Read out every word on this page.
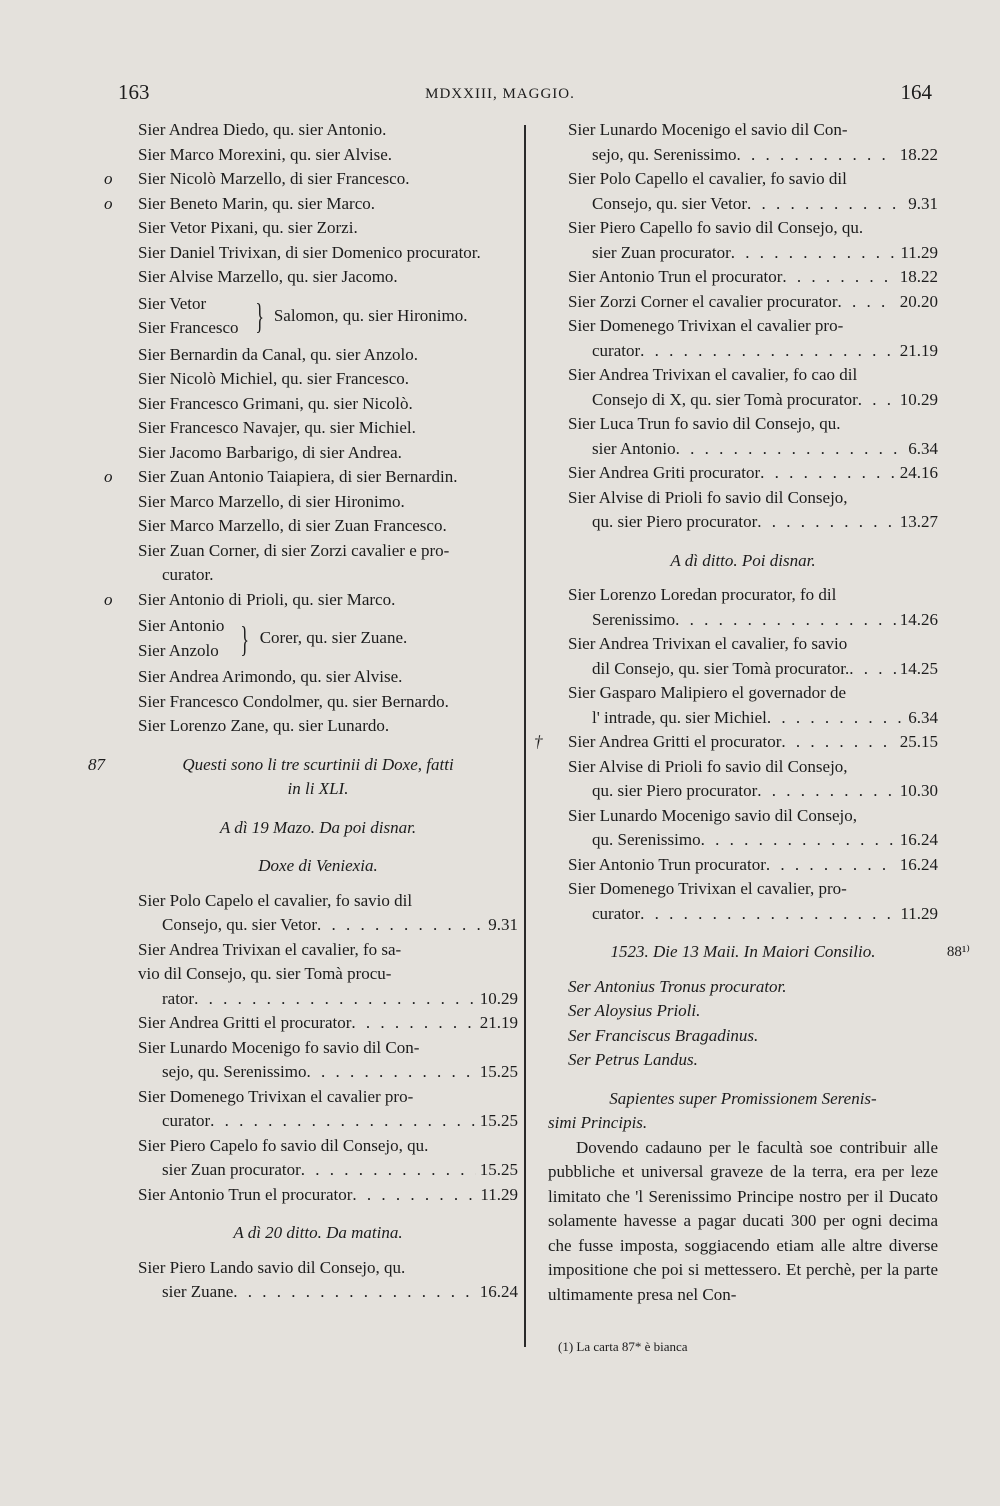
163	MDXXIII, MAGGIO.	164
Sier Andrea Diedo, qu. sier Antonio.
Sier Marco Morexini, qu. sier Alvise.
o Sier Nicolò Marzello, di sier Francesco.
o Sier Beneto Marin, qu. sier Marco.
Sier Vetor Pixani, qu. sier Zorzi.
Sier Daniel Trivixan, di sier Domenico procurator.
Sier Alvise Marzello, qu. sier Jacomo.
Sier Vetor
Sier Francesco } Salomon, qu. sier Hironimo.
Sier Bernardin da Canal, qu. sier Anzolo.
Sier Nicolò Michiel, qu. sier Francesco.
Sier Francesco Grimani, qu. sier Nicolò.
Sier Francesco Navajer, qu. sier Michiel.
Sier Jacomo Barbarigo, di sier Andrea.
o Sier Zuan Antonio Taiapiera, di sier Bernardin.
Sier Marco Marzello, di sier Hironimo.
Sier Marco Marzello, di sier Zuan Francesco.
Sier Zuan Corner, di sier Zorzi cavalier e pro-
curator.
o Sier Antonio di Prioli, qu. sier Marco.
Sier Antonio
Sier Anzolo } Corer, qu. sier Zuane.
Sier Andrea Arimondo, qu. sier Alvise.
Sier Francesco Condolmer, qu. sier Bernardo.
Sier Lorenzo Zane, qu. sier Lunardo.
87	Questi sono li tre scurtinii di Doxe, fatti
in li XLI.
A dì 19 Mazo. Da poi disnar.
Doxe di Veniexia.
Sier Polo Capelo el cavalier, fo savio dil
Consejo, qu. sier Vetor . . .	9.31
Sier Andrea Trivixan el cavalier, fo sa-
vio dil Consejo, qu. sier Tomà procu-
rator . . .	10.29
Sier Andrea Gritti el procurator . . .	21.19
Sier Lunardo Mocenigo fo savio dil Con-
sejo, qu. Serenissimo . . .	15.25
Sier Domenego Trivixan el cavalier pro-
curator . . .	15.25
Sier Piero Capelo fo savio dil Consejo, qu.
sier Zuan procurator . . .	15.25
Sier Antonio Trun el procurator . . .	11.29
A dì 20 ditto. Da matina.
Sier Piero Lando savio dil Consejo, qu.
sier Zuane . . .	16.24
Sier Lunardo Mocenigo el savio dil Con-
sejo, qu. Serenissimo . . .	18.22
Sier Polo Capello el cavalier, fo savio dil
Consejo, qu. sier Vetor . . .	9.31
Sier Piero Capello fo savio dil Consejo, qu.
sier Zuan procurator . . .	11.29
Sier Antonio Trun el procurator . . .	18.22
Sier Zorzi Corner el cavalier procurator . . .	20.20
Sier Domenego Trivixan el cavalier pro-
curator . . .	21.19
Sier Andrea Trivixan el cavalier, fo cao dil
Consejo di X, qu. sier Tomà procurator . . . 10.29
Sier Luca Trun fo savio dil Consejo, qu.
sier Antonio . . .	6.34
Sier Andrea Griti procurator . . .	24.16
Sier Alvise di Prioli fo savio dil Consejo,
qu. sier Piero procurator . . .	13.27
A dì ditto. Poi disnar.
Sier Lorenzo Loredan procurator, fo dil
Serenissimo . . .	14.26
Sier Andrea Trivixan el cavalier, fo savio
dil Consejo, qu. sier Tomà procurator. . . .	14.25
Sier Gasparo Malipiero el governador de
l' intrade, qu. sier Michiel . . .	6.34
† Sier Andrea Gritti el procurator . . .	25.15
Sier Alvise di Prioli fo savio dil Consejo,
qu. sier Piero procurator . . .	10.30
Sier Lunardo Mocenigo savio dil Consejo,
qu. Serenissimo . . .	16.24
Sier Antonio Trun procurator . . .	16.24
Sier Domenego Trivixan el cavalier, pro-
curator . . .	11.29
1523. Die 13 Maii. In Maiori Consilio.	88¹⁾
Ser Antonius Tronus procurator.
Ser Aloysius Prioli.
Ser Franciscus Bragadinus.
Ser Petrus Landus.
Sapientes super Promissionem Serenis-
simi Principis.
Dovendo cadauno per le facultà soe contribuir alle pubbliche et universal graveze de la terra, era per leze limitato che 'l Serenissimo Principe nostro per il Ducato solamente havesse a pagar ducati 300 per ogni decima che fusse imposta, soggiacendo etiam alle altre diverse impositione che poi si mettessero. Et perchè, per la parte ultimamente presa nel Con-
(1) La carta 87* è bianca
